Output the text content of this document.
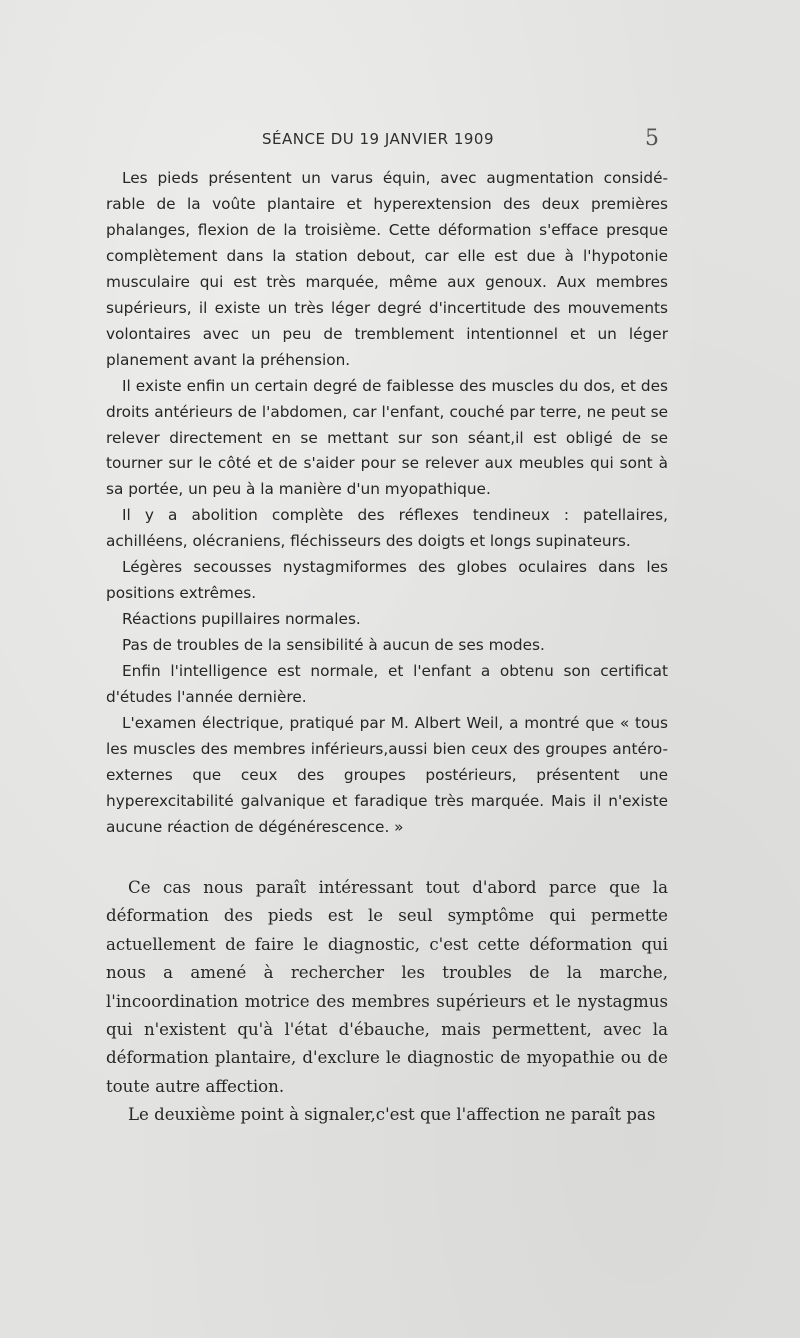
SÉANCE DU 19 JANVIER 1909	5

Les pieds présentent un varus équin, avec augmentation considé- rable de la voûte plantaire et hyperextension des deux premières phalanges, flexion de la troisième. Cette déformation s'efface presque complètement dans la station debout, car elle est due à l'hypotonie musculaire qui est très marquée, même aux genoux. Aux membres supérieurs, il existe un très léger degré d'incertitude des mouvements volontaires avec un peu de tremblement intentionnel et un léger planement avant la préhension.

Il existe enfin un certain degré de faiblesse des muscles du dos, et des droits antérieurs de l'abdomen, car l'enfant, couché par terre, ne peut se relever directement en se mettant sur son séant,il est obligé de se tourner sur le côté et de s'aider pour se relever aux meubles qui sont à sa portée, un peu à la manière d'un myopathique.

Il y a abolition complète des réflexes tendineux : patellaires, achilléens, olécraniens, fléchisseurs des doigts et longs supinateurs.

Légères secousses nystagmiformes des globes oculaires dans les positions extrêmes.

Réactions pupillaires normales.

Pas de troubles de la sensibilité à aucun de ses modes.

Enfin l'intelligence est normale, et l'enfant a obtenu son certificat d'études l'année dernière.

L'examen électrique, pratiqué par M. Albert Weil, a montré que « tous les muscles des membres inférieurs,aussi bien ceux des groupes antéro-externes que ceux des groupes postérieurs, présentent une hyperexcitabilité galvanique et faradique très marquée. Mais il n'existe aucune réaction de dégénérescence. »

Ce cas nous paraît intéressant tout d'abord parce que la déformation des pieds est le seul symptôme qui permette actuellement de faire le diagnostic, c'est cette déformation qui nous a amené à rechercher les troubles de la marche, l'incoordination motrice des membres supérieurs et le nystagmus qui n'existent qu'à l'état d'ébauche, mais permettent, avec la déformation plantaire, d'exclure le diagnostic de myopathie ou de toute autre affection.

Le deuxième point à signaler,c'est que l'affection ne paraît pas
